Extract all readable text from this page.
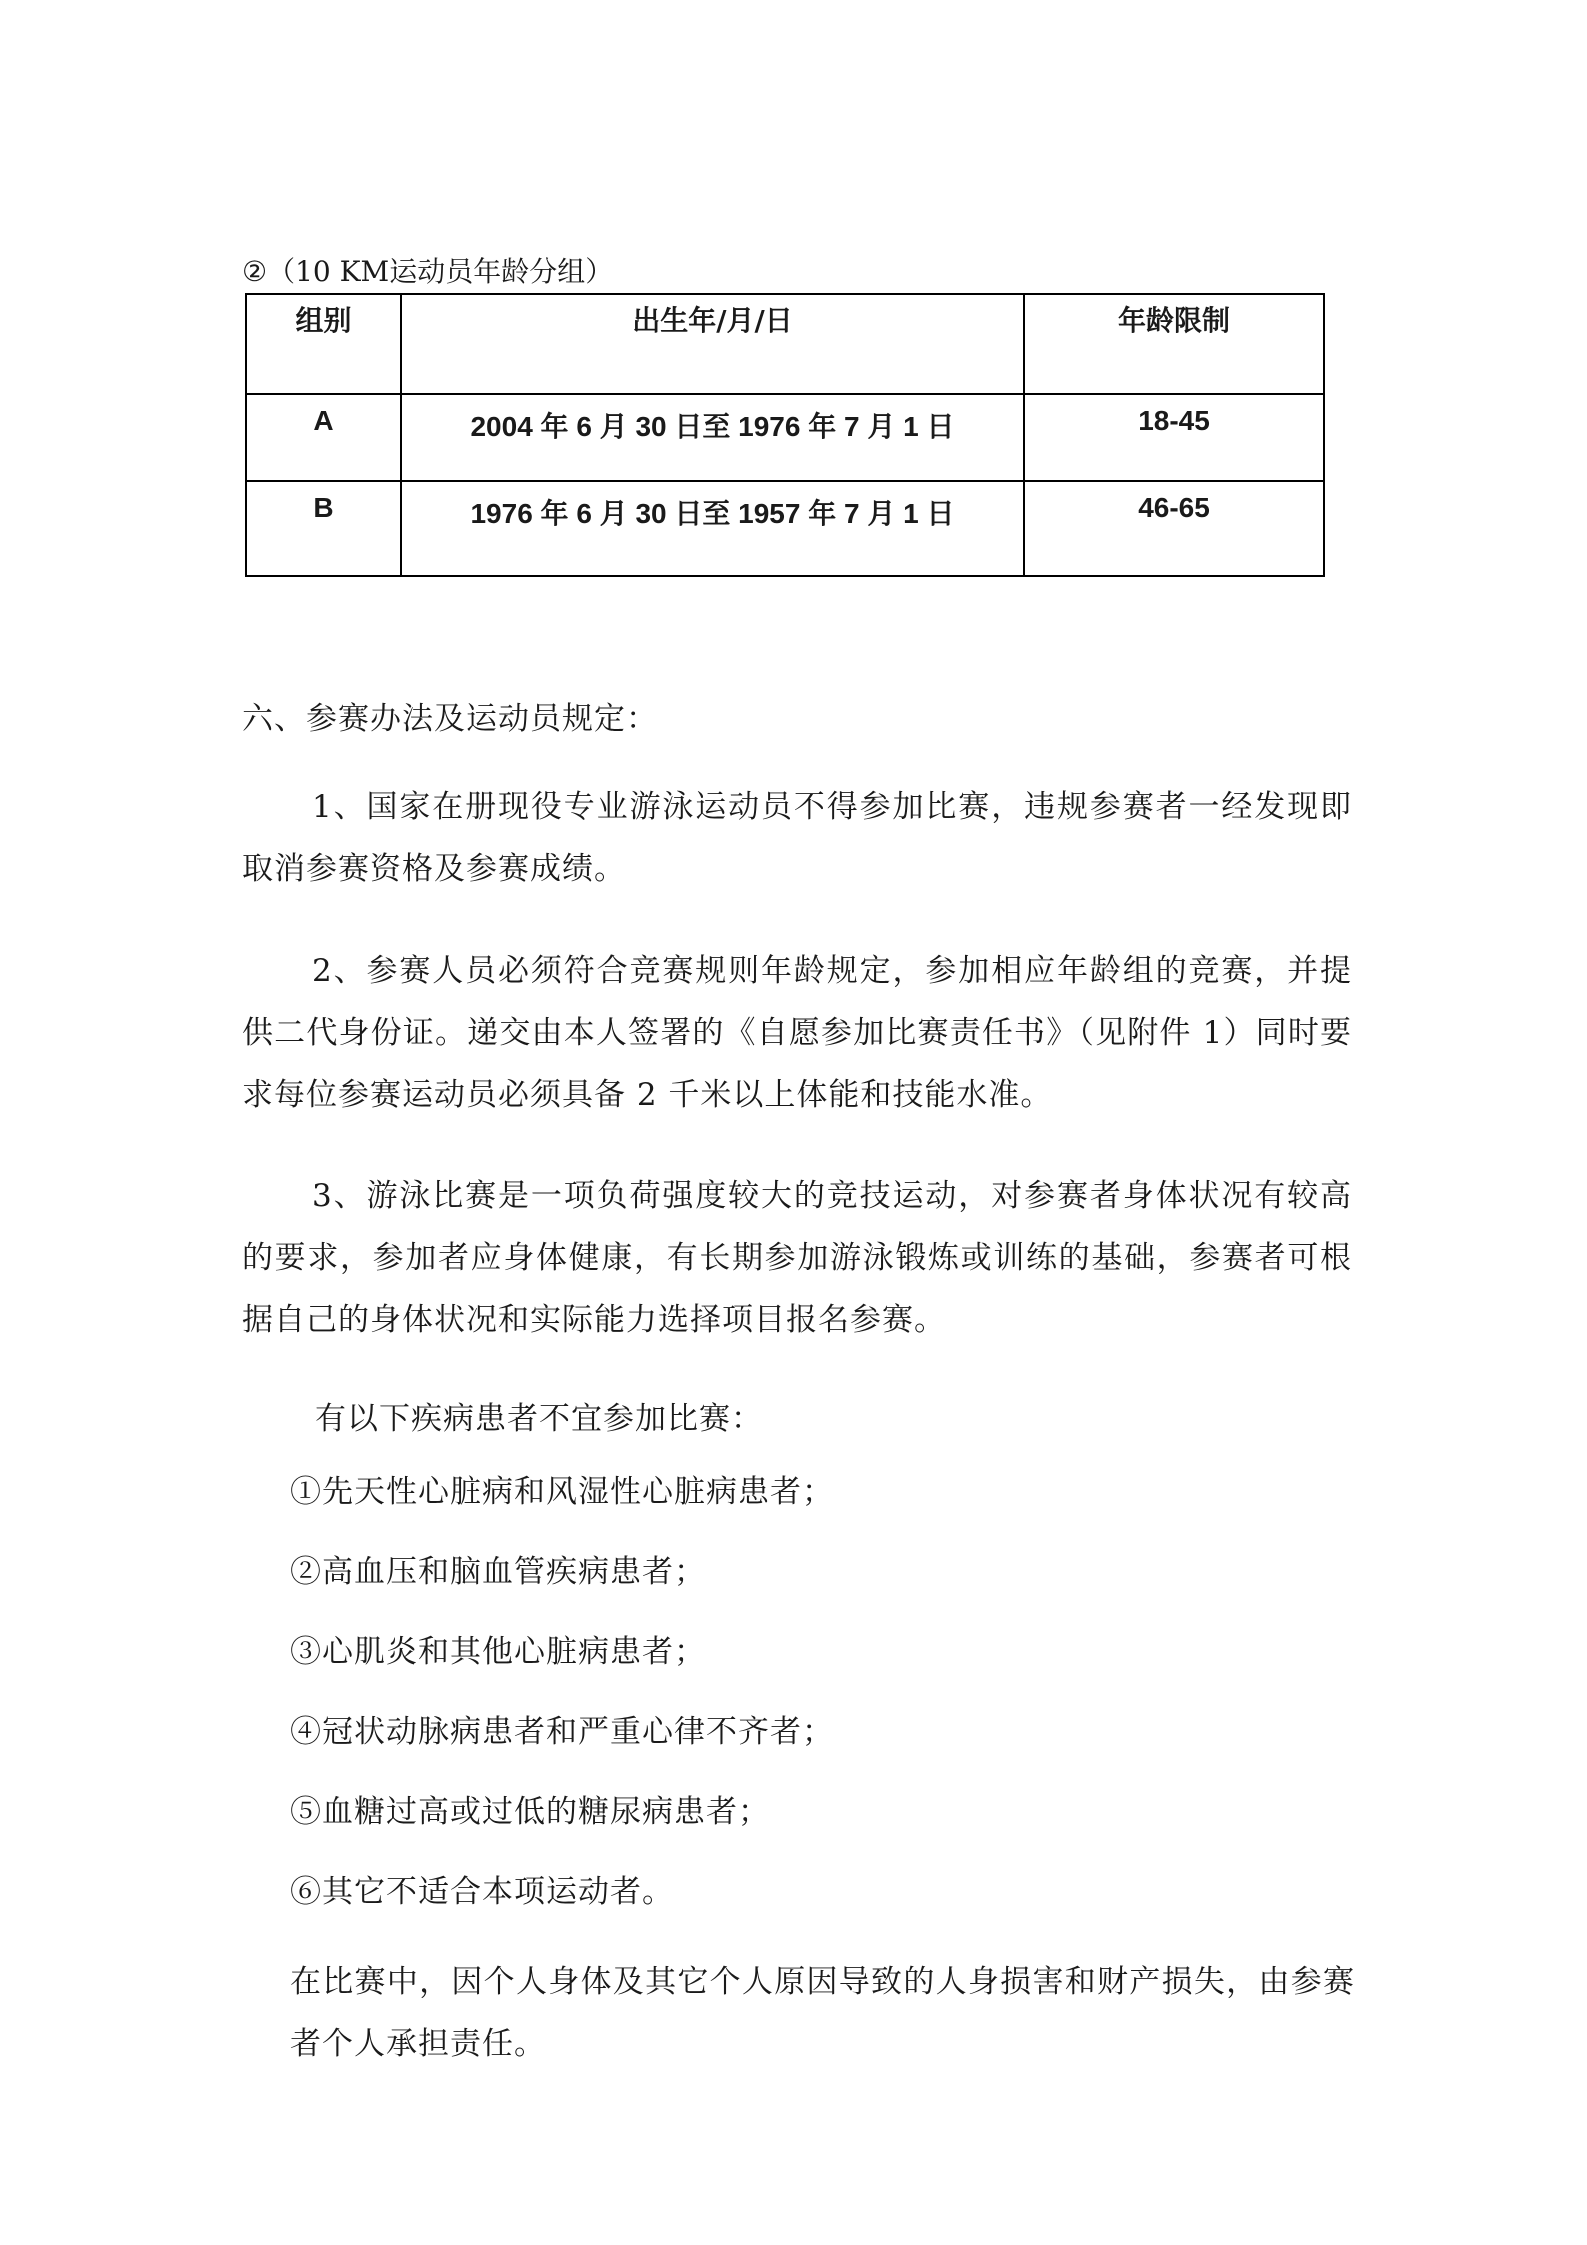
②（10 KM运动员年龄分组）
组别	出生年/月/日	年龄限制
A	2004 年 6 月 30 日至 1976 年 7 月 1 日	18-45
B	1976 年 6 月 30 日至 1957 年 7 月 1 日	46-65
六、参赛办法及运动员规定：
1、国家在册现役专业游泳运动员不得参加比赛，违规参赛者一经发现即取消参赛资格及参赛成绩。
2、参赛人员必须符合竞赛规则年龄规定，参加相应年龄组的竞赛，并提供二代身份证。递交由本人签署的《自愿参加比赛责任书》（见附件 1）同时要求每位参赛运动员必须具备 2 千米以上体能和技能水准。
3、游泳比赛是一项负荷强度较大的竞技运动，对参赛者身体状况有较高的要求，参加者应身体健康，有长期参加游泳锻炼或训练的基础，参赛者可根据自己的身体状况和实际能力选择项目报名参赛。
有以下疾病患者不宜参加比赛：
①先天性心脏病和风湿性心脏病患者；
②高血压和脑血管疾病患者；
③心肌炎和其他心脏病患者；
④冠状动脉病患者和严重心律不齐者；
⑤血糖过高或过低的糖尿病患者；
⑥其它不适合本项运动者。
在比赛中，因个人身体及其它个人原因导致的人身损害和财产损失，由参赛者个人承担责任。
